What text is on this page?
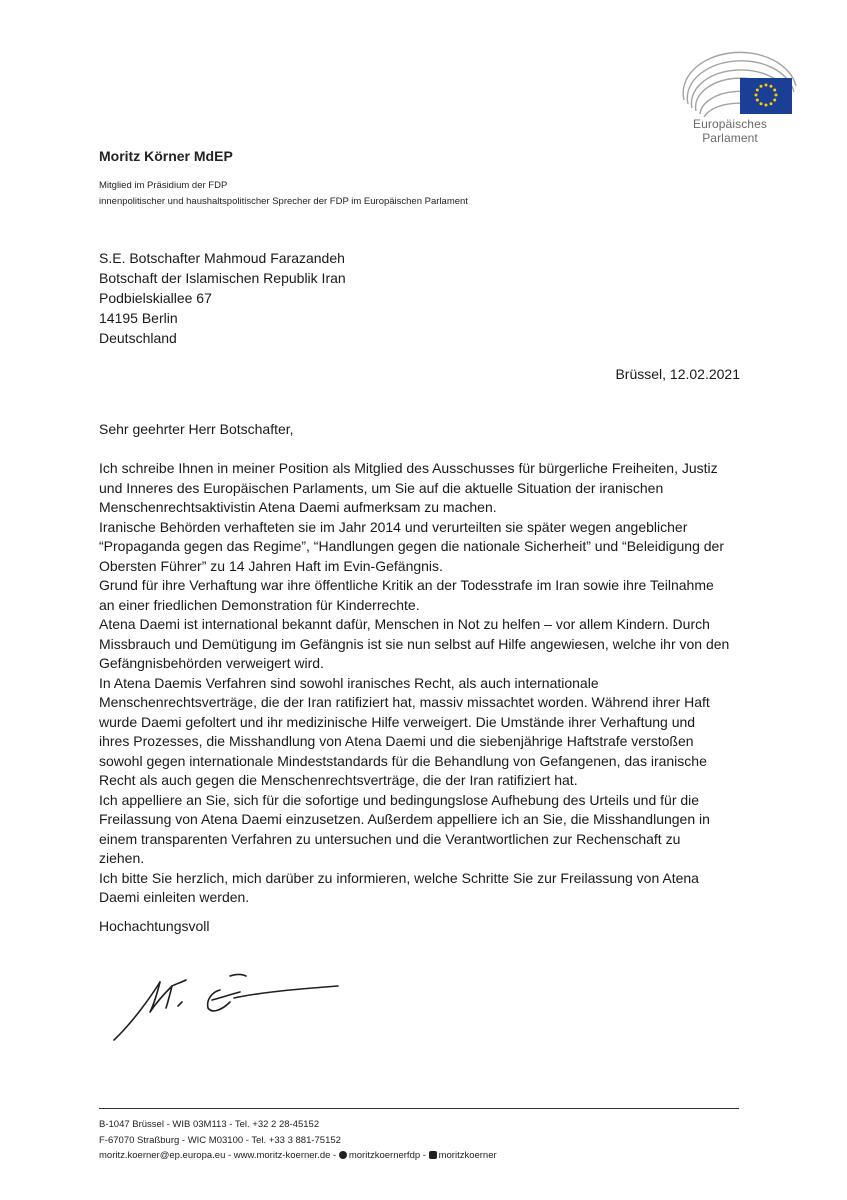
Europäisches Parlament
Moritz Körner MdEP
Mitglied im Präsidium der FDP
innenpolitischer und haushaltspolitischer Sprecher der FDP im Europäischen Parlament
S.E. Botschafter Mahmoud Farazandeh
Botschaft der Islamischen Republik Iran
Podbielskiallee 67
14195 Berlin
Deutschland
Brüssel, 12.02.2021
Sehr geehrter Herr Botschafter,
Ich schreibe Ihnen in meiner Position als Mitglied des Ausschusses für bürgerliche Freiheiten, Justiz
und Inneres des Europäischen Parlaments, um Sie auf die aktuelle Situation der iranischen
Menschenrechtsaktivistin Atena Daemi aufmerksam zu machen.
Iranische Behörden verhafteten sie im Jahr 2014 und verurteilten sie später wegen angeblicher
“Propaganda gegen das Regime”, “Handlungen gegen die nationale Sicherheit” und “Beleidigung der
Obersten Führer” zu 14 Jahren Haft im Evin-Gefängnis.
Grund für ihre Verhaftung war ihre öffentliche Kritik an der Todesstrafe im Iran sowie ihre Teilnahme
an einer friedlichen Demonstration für Kinderrechte.
Atena Daemi ist international bekannt dafür, Menschen in Not zu helfen – vor allem Kindern. Durch
Missbrauch und Demütigung im Gefängnis ist sie nun selbst auf Hilfe angewiesen, welche ihr von den
Gefängnisbehörden verweigert wird.
In Atena Daemis Verfahren sind sowohl iranisches Recht, als auch internationale
Menschenrechtsverträge, die der Iran ratifiziert hat, massiv missachtet worden. Während ihrer Haft
wurde Daemi gefoltert und ihr medizinische Hilfe verweigert. Die Umstände ihrer Verhaftung und
ihres Prozesses, die Misshandlung von Atena Daemi und die siebenjährige Haftstrafe verstoßen
sowohl gegen internationale Mindeststandards für die Behandlung von Gefangenen, das iranische
Recht als auch gegen die Menschenrechtsverträge, die der Iran ratifiziert hat.
Ich appelliere an Sie, sich für die sofortige und bedingungslose Aufhebung des Urteils und für die
Freilassung von Atena Daemi einzusetzen. Außerdem appelliere ich an Sie, die Misshandlungen in
einem transparenten Verfahren zu untersuchen und die Verantwortlichen zur Rechenschaft zu
ziehen.
Ich bitte Sie herzlich, mich darüber zu informieren, welche Schritte Sie zur Freilassung von Atena
Daemi einleiten werden.
Hochachtungsvoll
B-1047 Brüssel - WIB 03M113 - Tel. +32 2 28-45152
F-67070 Straßburg - WIC M03100 - Tel. +33 3 881-75152
moritz.koerner@ep.europa.eu - www.moritz-koerner.de - moritzkoernerfdp - moritzkoerner
